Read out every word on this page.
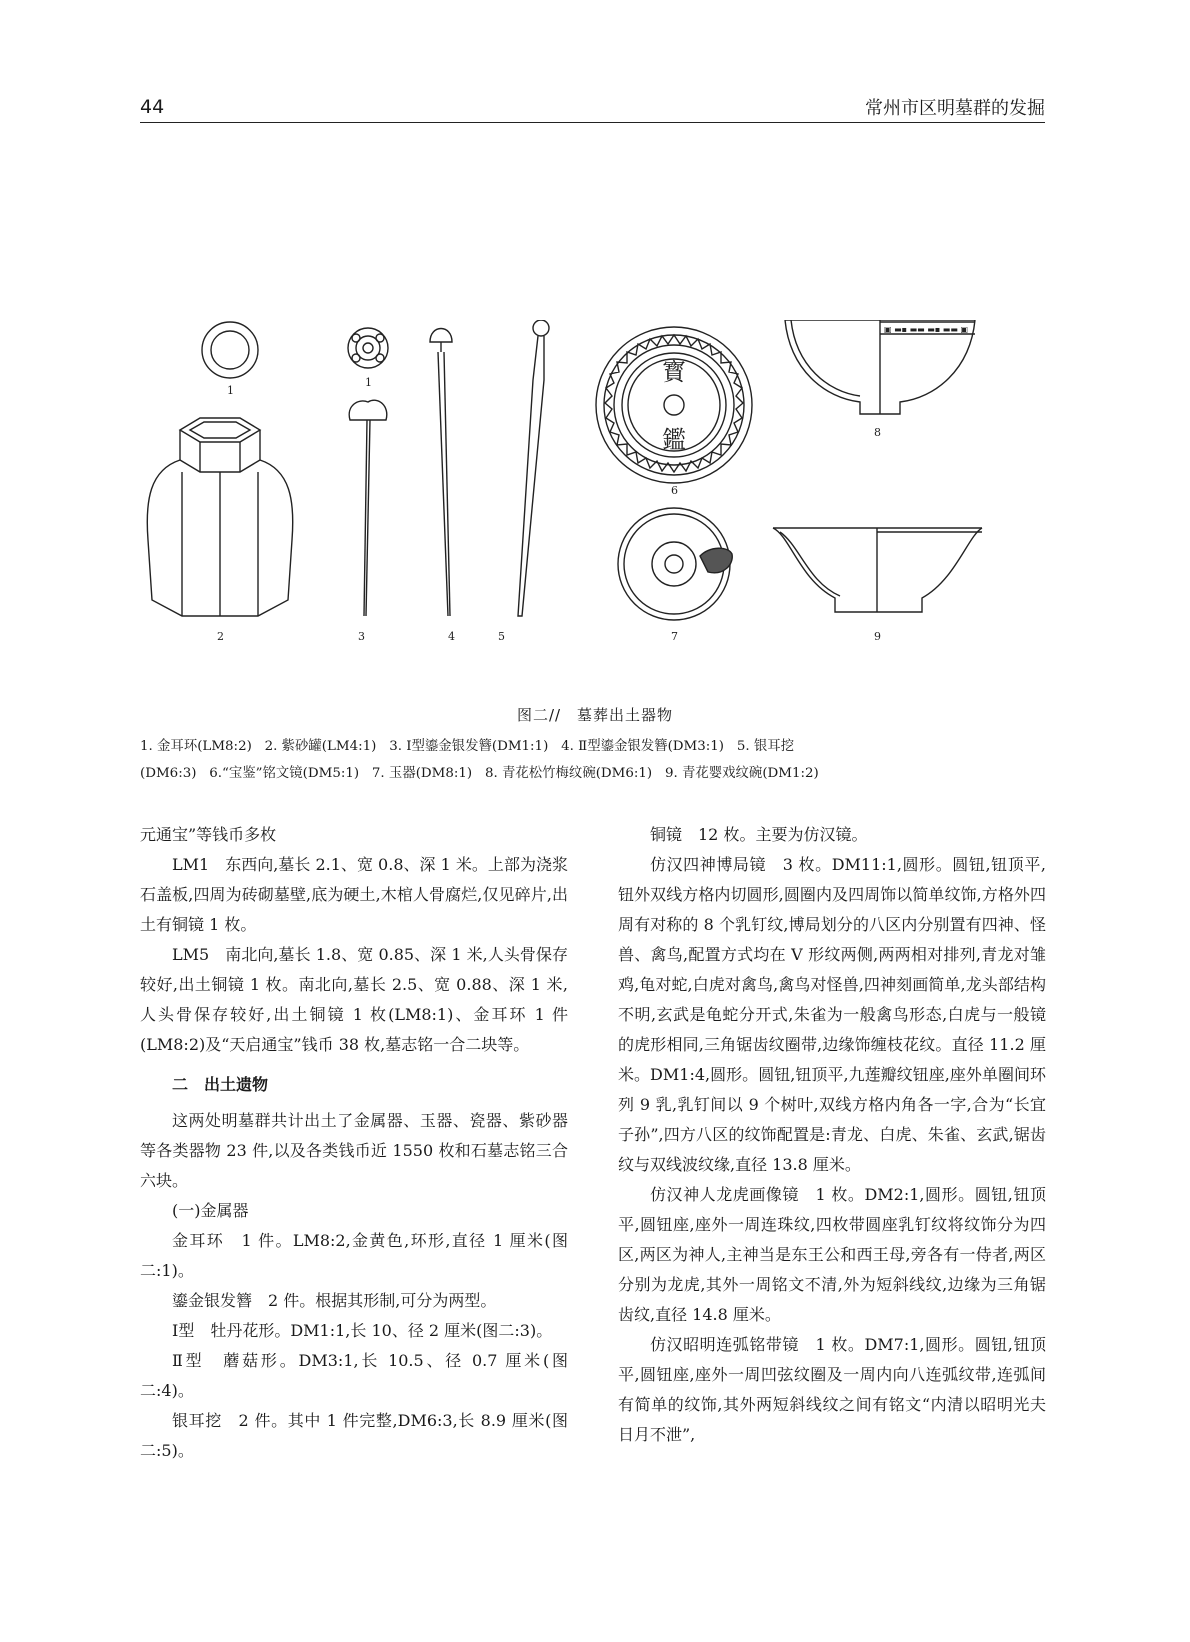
44	常州市区明墓群的发掘
1
1
2	3	4	5
寳
鑑
6
7
▣ ▬▪ ▬▬ ▬▪ ▬▬ ▣
8
9
图二//　墓葬出土器物
1. 金耳环(LM8:2) 2. 紫砂罐(LM4:1) 3. Ⅰ型鎏金银发簪(DM1:1) 4. Ⅱ型鎏金银发簪(DM3:1) 5. 银耳挖
(DM6:3) 6.“宝鉴”铭文镜(DM5:1) 7. 玉器(DM8:1) 8. 青花松竹梅纹碗(DM6:1) 9. 青花婴戏纹碗(DM1:2)

元通宝”等钱币多枚

LM1　东西向,墓长 2.1、宽 0.8、深 1 米。上部为浇浆石盖板,四周为砖砌墓壁,底为硬土,木棺人骨腐烂,仅见碎片,出土有铜镜 1 枚。

LM5　南北向,墓长 1.8、宽 0.85、深 1 米,人头骨保存较好,出土铜镜 1 枚。南北向,墓长 2.5、宽 0.88、深 1 米,人头骨保存较好,出土铜镜 1 枚(LM8:1)、金耳环 1 件(LM8:2)及“天启通宝”钱币 38 枚,墓志铭一合二块等。

二　出土遗物

这两处明墓群共计出土了金属器、玉器、瓷器、紫砂器等各类器物 23 件,以及各类钱币近 1550 枚和石墓志铭三合六块。

(一)金属器

金耳环　1 件。LM8:2,金黄色,环形,直径 1 厘米(图二:1)。

鎏金银发簪　2 件。根据其形制,可分为两型。

Ⅰ型　牡丹花形。DM1:1,长 10、径 2 厘米(图二:3)。

Ⅱ型　蘑菇形。DM3:1,长 10.5、径 0.7 厘米(图二:4)。

银耳挖　2 件。其中 1 件完整,DM6:3,长 8.9 厘米(图二:5)。

铜镜　12 枚。主要为仿汉镜。

仿汉四神博局镜　3 枚。DM11:1,圆形。圆钮,钮顶平,钮外双线方格内切圆形,圆圈内及四周饰以简单纹饰,方格外四周有对称的 8 个乳钉纹,博局划分的八区内分别置有四神、怪兽、禽鸟,配置方式均在 V 形纹两侧,两两相对排列,青龙对雏鸡,龟对蛇,白虎对禽鸟,禽鸟对怪兽,四神刻画简单,龙头部结构不明,玄武是龟蛇分开式,朱雀为一般禽鸟形态,白虎与一般镜的虎形相同,三角锯齿纹圈带,边缘饰缠枝花纹。直径 11.2 厘米。DM1:4,圆形。圆钮,钮顶平,九莲瓣纹钮座,座外单圈间环列 9 乳,乳钉间以 9 个树叶,双线方格内角各一字,合为“长宜子孙”,四方八区的纹饰配置是:青龙、白虎、朱雀、玄武,锯齿纹与双线波纹缘,直径 13.8 厘米。

仿汉神人龙虎画像镜　1 枚。DM2:1,圆形。圆钮,钮顶平,圆钮座,座外一周连珠纹,四枚带圆座乳钉纹将纹饰分为四区,两区为神人,主神当是东王公和西王母,旁各有一侍者,两区分别为龙虎,其外一周铭文不清,外为短斜线纹,边缘为三角锯齿纹,直径 14.8 厘米。

仿汉昭明连弧铭带镜　1 枚。DM7:1,圆形。圆钮,钮顶平,圆钮座,座外一周凹弦纹圈及一周内向八连弧纹带,连弧间有简单的纹饰,其外两短斜线纹之间有铭文“内清以昭明光夫日月不泄”,
